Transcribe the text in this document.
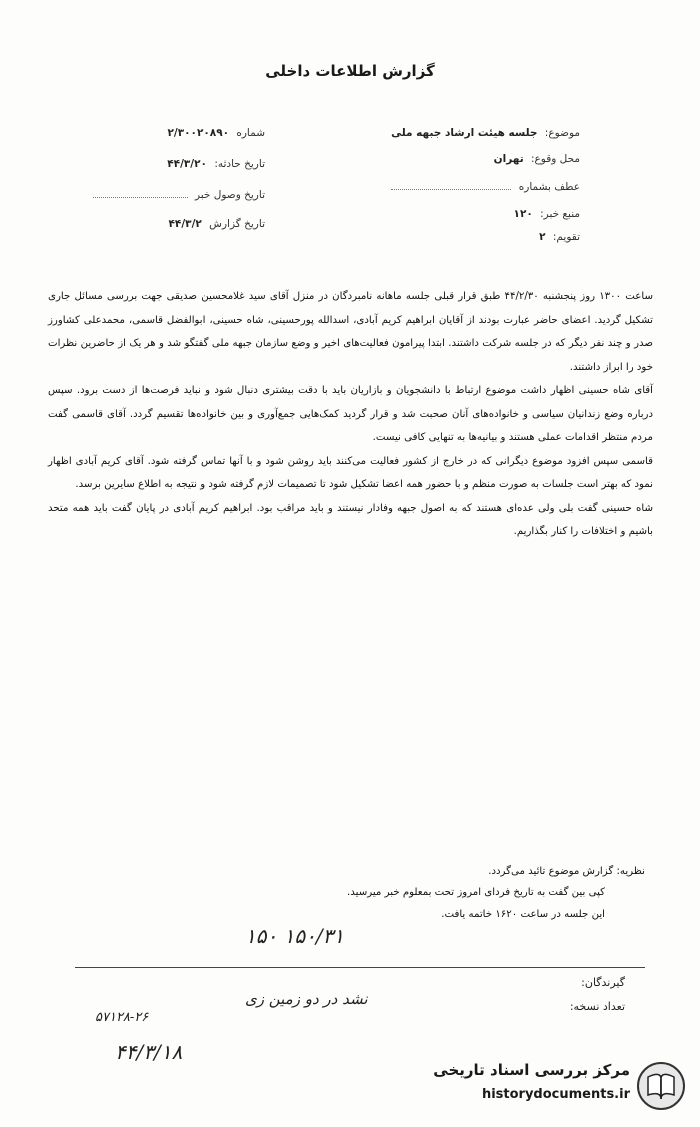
گزارش اطلاعات داخلی
موضوع: جلسه هیئت ارشاد جبهه ملی
محل وقوع: تهران
عطف بشماره
منبع خبر: ۱۲۰
تقویم: ۲
شماره ۲/۳۰۰۲۰۸۹۰
تاریخ حادثه: ۴۴/۳/۲۰
تاریخ وصول خبر
تاریخ گزارش ۴۴/۳/۲

ساعت ۱۳۰۰ روز پنجشنبه ۴۴/۲/۳۰ طبق قرار قبلی جلسه ماهانه نامبردگان در منزل آقای سید غلامحسین صدیقی جهت بررسی مسائل جاری تشکیل گردید. اعضای حاضر عبارت بودند از آقایان ابراهیم کریم آبادی، اسدالله پورحسینی، شاه حسینی، ابوالفضل قاسمی، محمدعلی کشاورز صدر و چند نفر دیگر که در جلسه شرکت داشتند. ابتدا پیرامون فعالیت‌های اخیر و وضع سازمان جبهه ملی گفتگو شد و هر یک از حاضرین نظرات خود را ابراز داشتند.

آقای شاه حسینی اظهار داشت موضوع ارتباط با دانشجویان و بازاریان باید با دقت بیشتری دنبال شود و نباید فرصت‌ها از دست برود. سپس درباره وضع زندانیان سیاسی و خانواده‌های آنان صحبت شد و قرار گردید کمک‌هایی جمع‌آوری و بین خانواده‌ها تقسیم گردد. آقای قاسمی گفت مردم منتظر اقدامات عملی هستند و بیانیه‌ها به تنهایی کافی نیست.

قاسمی سپس افزود موضوع دیگرانی که در خارج از کشور فعالیت می‌کنند باید روشن شود و با آنها تماس گرفته شود. آقای کریم آبادی اظهار نمود که بهتر است جلسات به صورت منظم و با حضور همه اعضا تشکیل شود تا تصمیمات لازم گرفته شود و نتیجه به اطلاع سایرین برسد.

شاه حسینی گفت بلی ولی عده‌ای هستند که به اصول جبهه وفادار نیستند و باید مراقب بود. ابراهیم کریم آبادی در پایان گفت باید همه متحد باشیم و اختلافات را کنار بگذاریم.

نظریه: گزارش موضوع تائید می‌گردد.
کپی بین گفت به تاریخ فردای امروز تحت بمعلوم خبر میرسید.
این جلسه در ساعت ۱۶۲۰ خاتمه یافت.
۱۵۰/۳۱ ۱۵۰
گیرندگان:
تعداد نسخه:
نشد در دو زمین زی
۵۷۱۲۸-۲۶
۴۴/۳/۱۸
مرکز بررسی اسناد تاریخی
historydocuments.ir
